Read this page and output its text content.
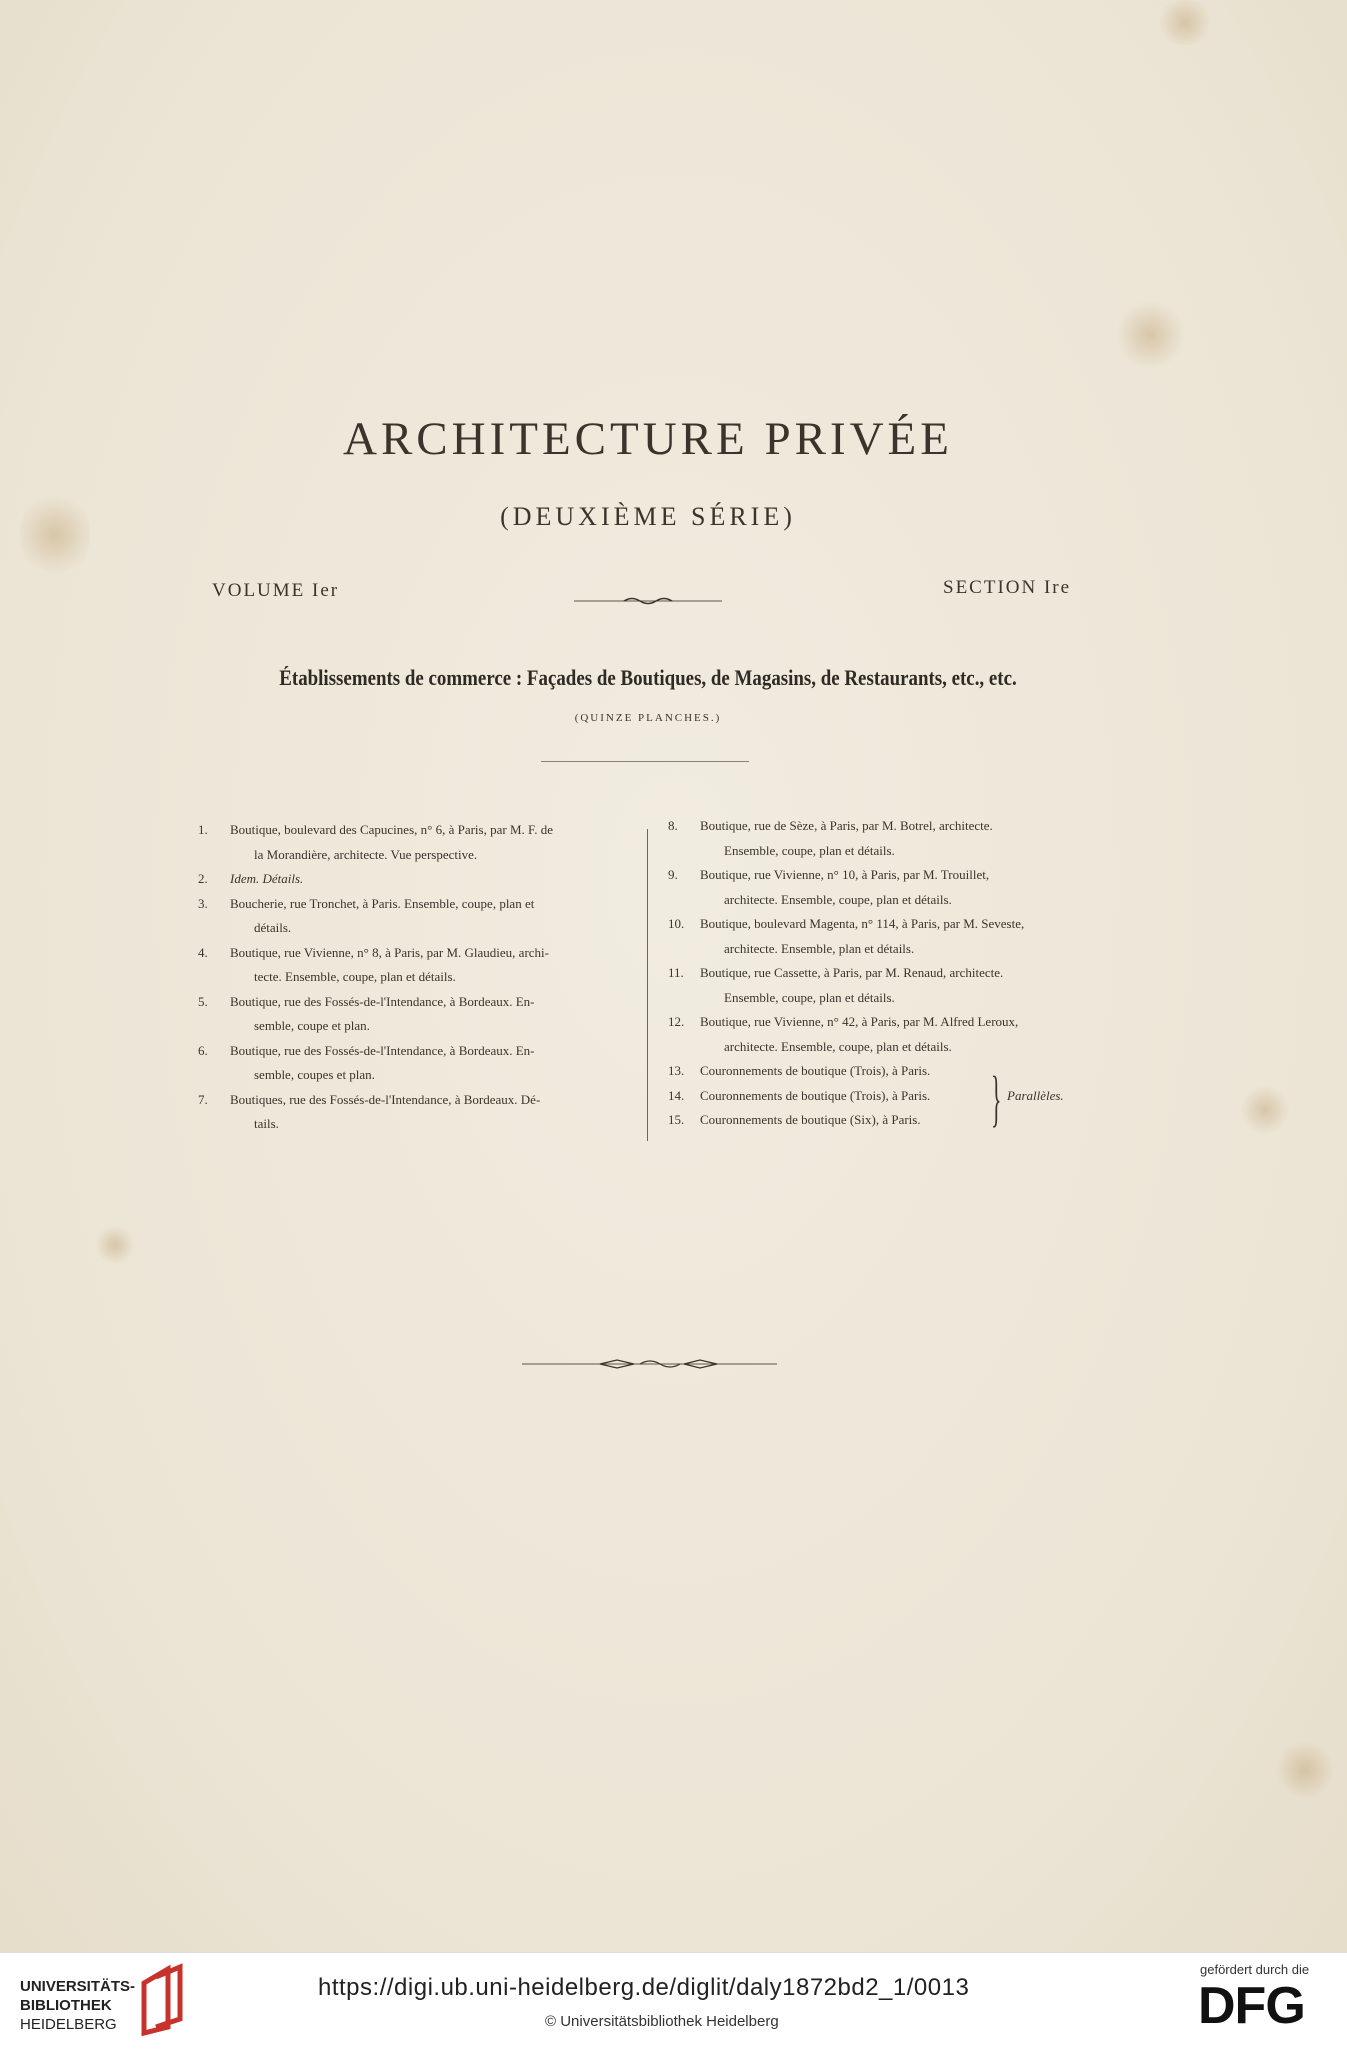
ARCHITECTURE PRIVÉE
(DEUXIÈME SÉRIE)
VOLUME Ier	SECTION Ire
Établissements de commerce : Façades de Boutiques, de Magasins, de Restaurants, etc., etc.
(QUINZE PLANCHES.)
1. Boutique, boulevard des Capucines, n° 6, à Paris, par M. F. de
la Morandière, architecte. Vue perspective.
2. Idem. Détails.
3. Boucherie, rue Tronchet, à Paris. Ensemble, coupe, plan et
détails.
4. Boutique, rue Vivienne, n° 8, à Paris, par M. Glaudieu, archi-
tecte. Ensemble, coupe, plan et détails.
5. Boutique, rue des Fossés-de-l'Intendance, à Bordeaux. En-
semble, coupe et plan.
6. Boutique, rue des Fossés-de-l'Intendance, à Bordeaux. En-
semble, coupes et plan.
7. Boutiques, rue des Fossés-de-l'Intendance, à Bordeaux. Dé-
tails.
8. Boutique, rue de Sèze, à Paris, par M. Botrel, architecte.
Ensemble, coupe, plan et détails.
9. Boutique, rue Vivienne, n° 10, à Paris, par M. Trouillet,
architecte. Ensemble, coupe, plan et détails.
10. Boutique, boulevard Magenta, n° 114, à Paris, par M. Seveste,
architecte. Ensemble, plan et détails.
11. Boutique, rue Cassette, à Paris, par M. Renaud, architecte.
Ensemble, coupe, plan et détails.
12. Boutique, rue Vivienne, n° 42, à Paris, par M. Alfred Leroux,
architecte. Ensemble, coupe, plan et détails.
13. Couronnements de boutique (Trois), à Paris.
14. Couronnements de boutique (Trois), à Paris.
15. Couronnements de boutique (Six), à Paris.	} Parallèles.
UNIVERSITÄTS-
BIBLIOTHEK
HEIDELBERG
https://digi.ub.uni-heidelberg.de/diglit/daly1872bd2_1/0013
© Universitätsbibliothek Heidelberg
gefördert durch die
DFG
